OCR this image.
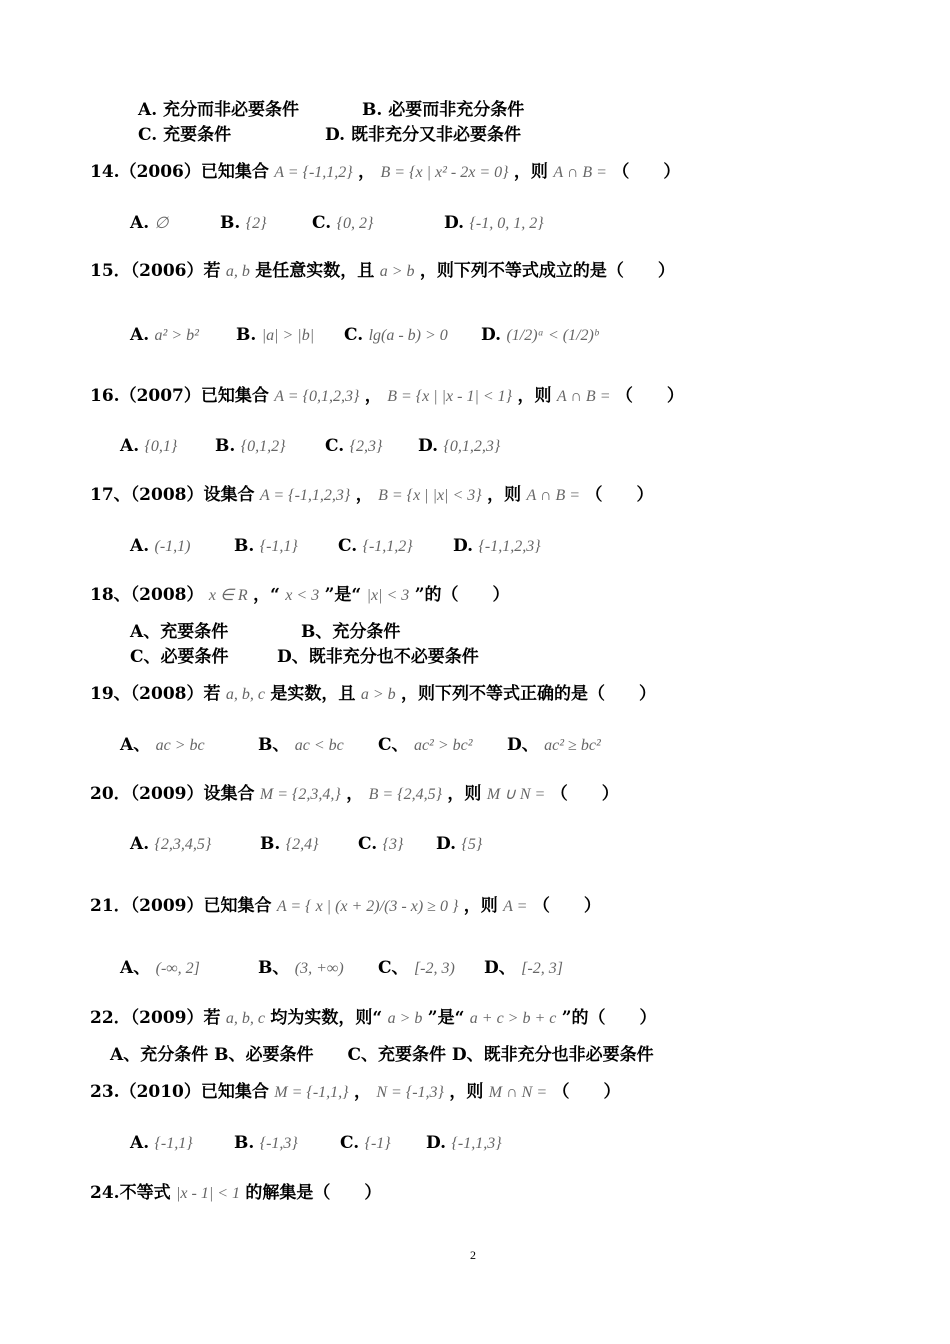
A. 充分而非必要条件	B. 必要而非充分条件
C. 充要条件	D. 既非充分又非必要条件
14.（2006）已知集合 A = {-1,1,2} ， B = {x | x² - 2x = 0} ，则 A ∩ B = （　　）
A. ∅	B. {2}	C. {0, 2}	D. {-1, 0, 1, 2}
15．（2006）若 a, b 是任意实数，且 a > b ，则下列不等式成立的是（　　）
A. a² > b² B. |a| > |b| C. lg(a - b) > 0 D. (1/2)ᵃ < (1/2)ᵇ
16.（2007）已知集合 A = {0,1,2,3} ， B = {x | |x - 1| < 1} ，则 A ∩ B = （　　）
A. {0,1} B. {0,1,2} C. {2,3} D. {0,1,2,3}
17、（2008）设集合 A = {-1,1,2,3} ， B = {x | |x| < 3} ，则 A ∩ B = （　　）
A. (-1,1)	B. {-1,1} C. {-1,1,2} D. {-1,1,2,3}
18、（2008） x ∈ R ，“ x < 3 ”是“ |x| < 3 ”的（　　）
A、充要条件	B、充分条件
C、必要条件	D、既非充分也不必要条件
19、（2008）若 a, b, c 是实数，且 a > b ，则下列不等式正确的是（　　）
A、 ac > bc	B、 ac < bc C、 ac² > bc² D、 ac² ≥ bc²
20．（2009）设集合 M = {2,3,4,} ， B = {2,4,5} ，则 M ∪ N = （　　）
A. {2,3,4,5}	B. {2,4} C. {3} D. {5}
21．（2009）已知集合 A = { x | (x + 2)/(3 - x) ≥ 0 } ，则 A = （　　）
A、 (-∞, 2]	B、 (3, +∞) C、 [-2, 3) D、 [-2, 3]
22．（2009）若 a, b, c 均为实数，则“ a > b ”是“ a + c > b + c ”的（　　）
A、充分条件 B、必要条件　　C、充要条件 D、既非充分也非必要条件
23.（2010）已知集合 M = {-1,1,} ， N = {-1,3} ，则 M ∩ N = （　　）
A. {-1,1} B. {-1,3} C. {-1} D. {-1,1,3}
24.不等式 |x - 1| < 1 的解集是（　　）
2
